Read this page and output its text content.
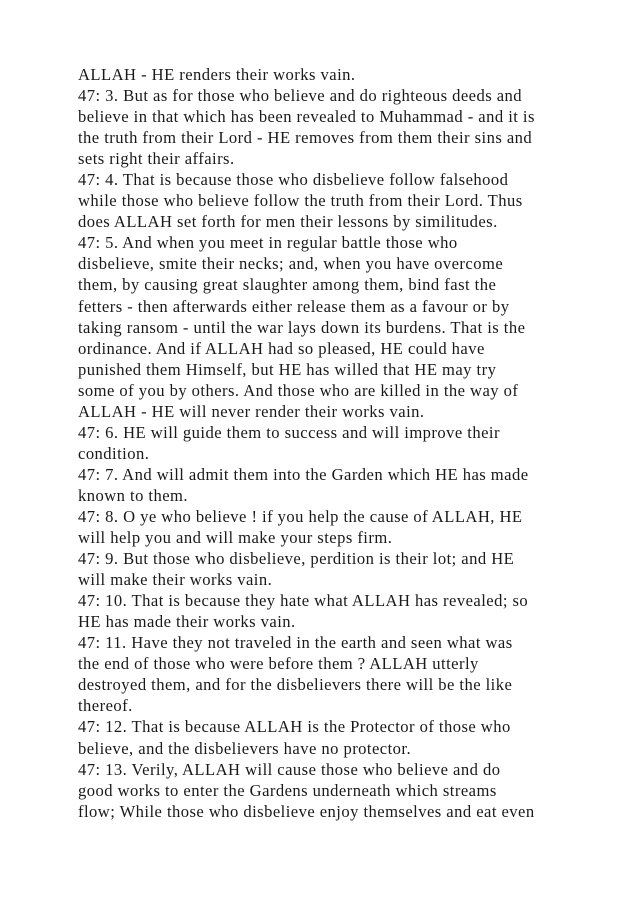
ALLAH - HE renders their works vain.
47: 3. But as for those who believe and do righteous deeds and
believe in that which has been revealed to Muhammad - and it is
the truth from their Lord - HE removes from them their sins and
sets right their affairs.
47: 4. That is because those who disbelieve follow falsehood
while those who believe follow the truth from their Lord. Thus
does ALLAH set forth for men their lessons by similitudes.
47: 5. And when you meet in regular battle those who
disbelieve, smite their necks; and, when you have overcome
them, by causing great slaughter among them, bind fast the
fetters - then afterwards either release them as a favour or by
taking ransom - until the war lays down its burdens. That is the
ordinance. And if ALLAH had so pleased, HE could have
punished them Himself, but HE has willed that HE may try
some of you by others. And those who are killed in the way of
ALLAH - HE will never render their works vain.
47: 6. HE will guide them to success and will improve their
condition.
47: 7. And will admit them into the Garden which HE has made
known to them.
47: 8. O ye who believe ! if you help the cause of ALLAH, HE
will help you and will make your steps firm.
47: 9. But those who disbelieve, perdition is their lot; and HE
will make their works vain.
47: 10. That is because they hate what ALLAH has revealed; so
HE has made their works vain.
47: 11. Have they not traveled in the earth and seen what was
the end of those who were before them ? ALLAH utterly
destroyed them, and for the disbelievers there will be the like
thereof.
47: 12. That is because ALLAH is the Protector of those who
believe, and the disbelievers have no protector.
47: 13. Verily, ALLAH will cause those who believe and do
good works to enter the Gardens underneath which streams
flow; While those who disbelieve enjoy themselves and eat even
